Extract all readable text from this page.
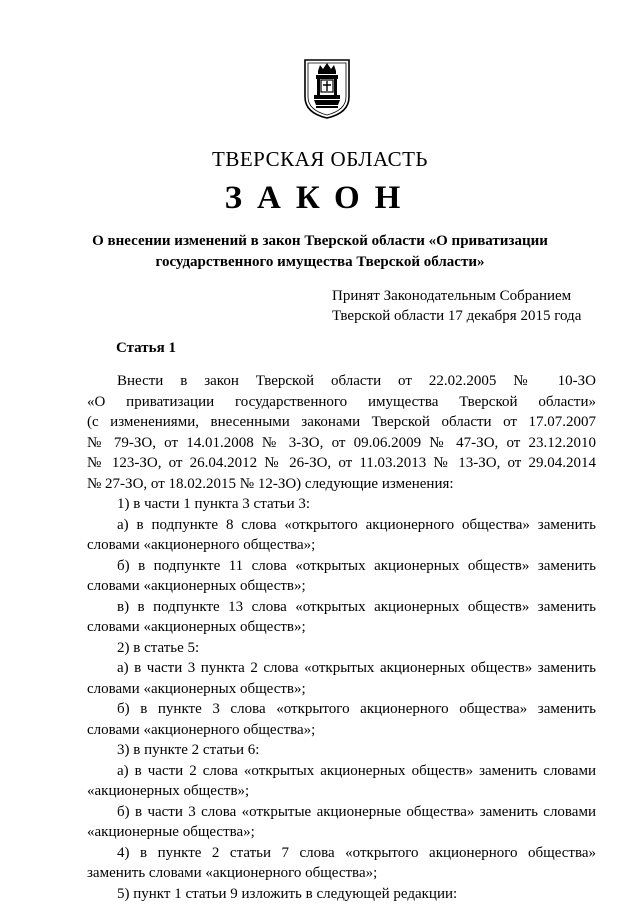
ТВЕРСКАЯ ОБЛАСТЬ
ЗАКОН
О внесении изменений в закон Тверской области «О приватизации
государственного имущества Тверской области»
Принят Законодательным Собранием
Тверской области 17 декабря 2015 года
Статья 1
Внести в закон Тверской области от 22.02.2005 № 10-ЗО
«О приватизации государственного имущества Тверской области»
(с изменениями, внесенными законами Тверской области от 17.07.2007
№ 79-ЗО, от 14.01.2008 № 3-ЗО, от 09.06.2009 № 47-ЗО, от 23.12.2010
№ 123-ЗО, от 26.04.2012 № 26-ЗО, от 11.03.2013 № 13-ЗО, от 29.04.2014
№ 27-ЗО, от 18.02.2015 № 12-ЗО) следующие изменения:
1) в части 1 пункта 3 статьи 3:
а) в подпункте 8 слова «открытого акционерного общества» заменить
словами «акционерного общества»;
б) в подпункте 11 слова «открытых акционерных обществ» заменить
словами «акционерных обществ»;
в) в подпункте 13 слова «открытых акционерных обществ» заменить
словами «акционерных обществ»;
2) в статье 5:
а) в части 3 пункта 2 слова «открытых акционерных обществ» заменить
словами «акционерных обществ»;
б) в пункте 3 слова «открытого акционерного общества» заменить
словами «акционерного общества»;
3) в пункте 2 статьи 6:
а) в части 2 слова «открытых акционерных обществ» заменить словами
«акционерных обществ»;
б) в части 3 слова «открытые акционерные общества» заменить словами
«акционерные общества»;
4) в пункте 2 статьи 7 слова «открытого акционерного общества»
заменить словами «акционерного общества»;
5) пункт 1 статьи 9 изложить в следующей редакции:
